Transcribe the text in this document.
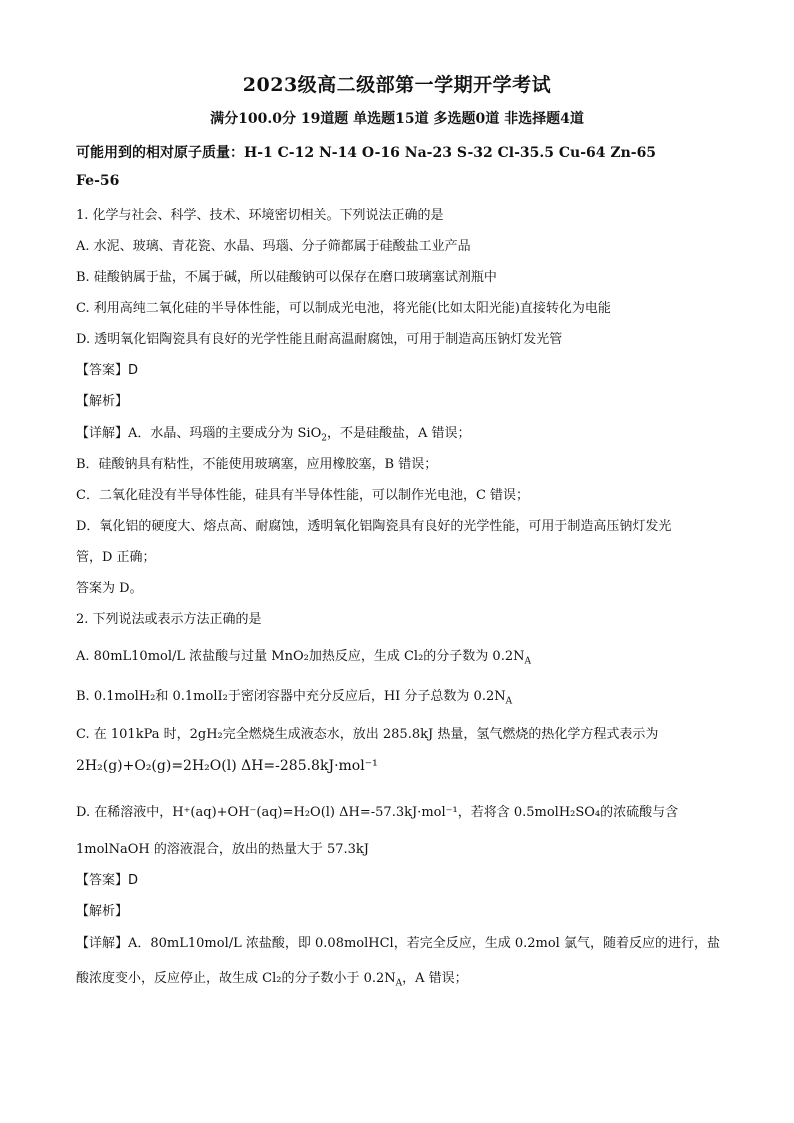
2023级高二级部第一学期开学考试
满分100.0分 19道题 单选题15道 多选题0道 非选择题4道
可能用到的相对原子质量：H-1 C-12 N-14 O-16 Na-23 S-32 Cl-35.5 Cu-64 Zn-65
Fe-56
1. 化学与社会、科学、技术、环境密切相关。下列说法正确的是
A. 水泥、玻璃、青花瓷、水晶、玛瑙、分子筛都属于硅酸盐工业产品
B. 硅酸钠属于盐，不属于碱，所以硅酸钠可以保存在磨口玻璃塞试剂瓶中
C. 利用高纯二氧化硅的半导体性能，可以制成光电池，将光能(比如太阳光能)直接转化为电能
D. 透明氧化铝陶瓷具有良好的光学性能且耐高温耐腐蚀，可用于制造高压钠灯发光管
【答案】D
【解析】
【详解】A．水晶、玛瑙的主要成分为 SiO$_2$，不是硅酸盐，A 错误；
B．硅酸钠具有粘性，不能使用玻璃塞，应用橡胶塞，B 错误；
C．二氧化硅没有半导体性能，硅具有半导体性能，可以制作光电池，C 错误；
D．氧化铝的硬度大、熔点高、耐腐蚀，透明氧化铝陶瓷具有良好的光学性能，可用于制造高压钠灯发光
管，D 正确；
答案为 D。
2. 下列说法或表示方法正确的是
A. 80mL10mol/L 浓盐酸与过量 MnO₂加热反应，生成 Cl₂的分子数为 $0.2N_A$
B. 0.1molH₂和 0.1molI₂于密闭容器中充分反应后，HI 分子总数为 $0.2N_A$
C. 在 101kPa 时，2gH₂完全燃烧生成液态水，放出 285.8kJ 热量，氢气燃烧的热化学方程式表示为
2H₂(g)+O₂(g)=2H₂O(l) ΔH=-285.8kJ·mol⁻¹
D. 在稀溶液中，H⁺(aq)+OH⁻(aq)=H₂O(l) ΔH=-57.3kJ·mol⁻¹，若将含 0.5molH₂SO₄的浓硫酸与含
1molNaOH 的溶液混合，放出的热量大于 57.3kJ
【答案】D
【解析】
【详解】A．80mL10mol/L 浓盐酸，即 0.08molHCl，若完全反应，生成 0.2mol 氯气，随着反应的进行，盐
酸浓度变小，反应停止，故生成 Cl₂的分子数小于 $0.2N_A$，A 错误；
